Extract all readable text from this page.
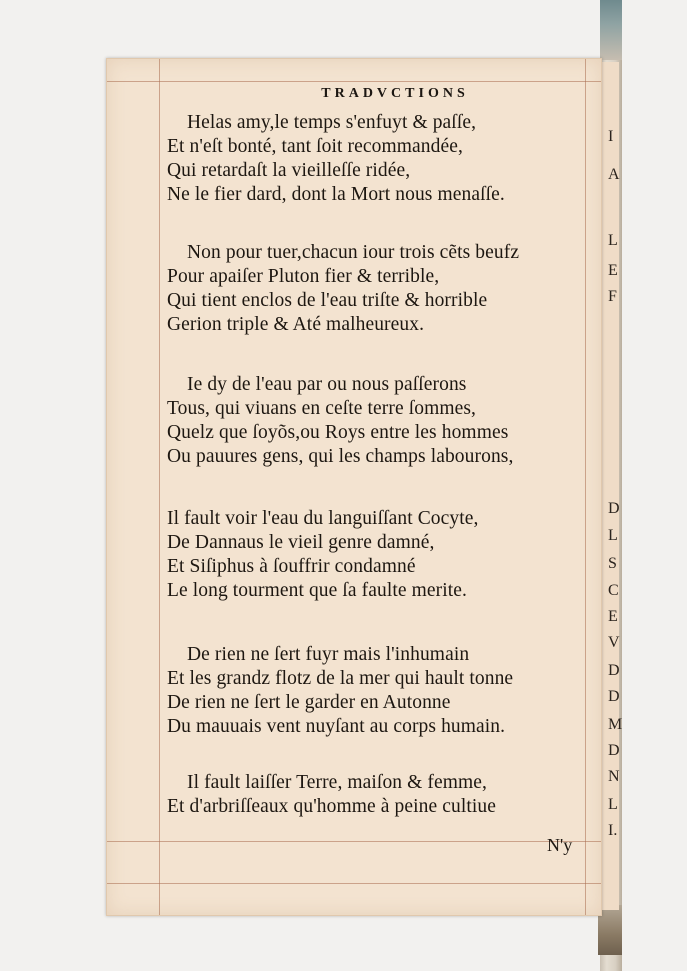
I
A
L
E
F
D
L
S
C
E
V
D
D
M
D
N
L
I.
TRADVCTIONS
Helas amy,le temps s'enfuyt & paſſe,
Et n'eſt bonté, tant ſoit recommandée,
Qui retardaſt la vieilleſſe ridée,
Ne le fier dard, dont la Mort nous menaſſe.
Non pour tuer,chacun iour trois cẽts beufz
Pour apaiſer Pluton fier & terrible,
Qui tient enclos de l'eau triſte & horrible
Gerion triple & Até malheureux.
Ie dy de l'eau par ou nous paſſerons
Tous, qui viuans en ceſte terre ſommes,
Quelz que ſoyõs,ou Roys entre les hommes
Ou pauures gens, qui les champs labourons,
Il fault voir l'eau du languiſſant Cocyte,
De Dannaus le vieil genre damné,
Et Siſiphus à ſouffrir condamné
Le long tourment que ſa faulte merite.
De rien ne ſert fuyr mais l'inhumain
Et les grandz flotz de la mer qui hault tonne
De rien ne ſert le garder en Autonne
Du mauuais vent nuyſant au corps humain.
Il fault laiſſer Terre, maiſon & femme,
Et d'arbriſſeaux qu'homme à peine cultiue
N'y
